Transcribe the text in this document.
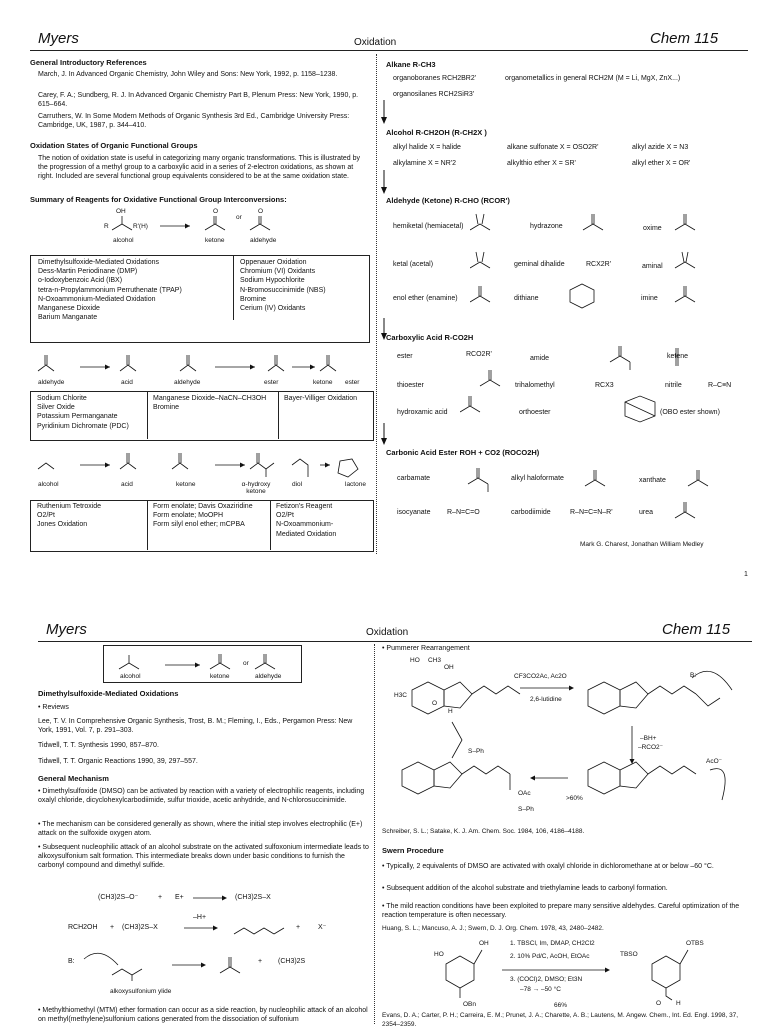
Myers	Oxidation	Chem 115
General Introductory References
March, J. In Advanced Organic Chemistry, John Wiley and Sons: New York, 1992, p. 1158–1238.
Carey, F. A.; Sundberg, R. J. In Advanced Organic Chemistry Part B, Plenum Press: New York, 1990, p. 615–664.
Carruthers, W. In Some Modern Methods of Organic Synthesis 3rd Ed., Cambridge University Press: Cambridge, UK, 1987, p. 344–410.
Oxidation States of Organic Functional Groups
The notion of oxidation state is useful in categorizing many organic transformations. This is illustrated by the progression of a methyl group to a carboxylic acid in a series of 2-electron oxidations, as shown at right. Included are several functional group equivalents considered to be at the same oxidation state.
Summary of Reagents for Oxidative Functional Group Interconversions:
OH
R	R'(H)
O	O
or
alcohol	ketone	aldehyde
Dimethylsulfoxide-Mediated Oxidations
Dess-Martin Periodinane (DMP)
o-Iodoxybenzoic Acid (IBX)
tetra-n-Propylammonium Perruthenate (TPAP)
N-Oxoammonium-Mediated Oxidation
Manganese Dioxide
Barium Manganate
Oppenauer Oxidation
Chromium (VI) Oxidants
Sodium Hypochlorite
N-Bromosuccinimide (NBS)
Bromine
Cerium (IV) Oxidants
aldehyde	acid	aldehyde	ester	ketone ester
Sodium Chlorite
Silver Oxide
Potassium Permanganate
Pyridinium Dichromate (PDC)
Manganese Dioxide–NaCN–CH3OH
Bromine
Bayer-Villiger Oxidation
alcohol	acid	ketone	α-hydroxy ketone
diol	lactone
Ruthenium Tetroxide
O2/Pt
Jones Oxidation
Form enolate; Davis Oxaziridine
Form enolate; MoOPH
Form silyl enol ether; mCPBA
Fetizon's Reagent
O2/Pt
N-Oxoammonium-
Mediated Oxidation
Alkane R-CH3
organoboranes RCH2BR2'	organometallics in general RCH2M (M = Li, MgX, ZnX...)
organosilanes RCH2SiR3'
Alcohol R-CH2OH (R-CH2X )
alkyl halide X = halide	alkane sulfonate X = OSO2R'	alkyl azide X = N3
alkylamine X = NR'2	alkylthio ether X = SR'	alkyl ether X = OR'
Aldehyde (Ketone) R-CHO (RCOR')
hemiketal (hemiacetal)	hydrazone	oxime
ketal (acetal)	geminal dihalide	RCX2R'	aminal
enol ether (enamine)	dithiane	imine
Carboxylic Acid R-CO2H
ester	RCO2R'
amide	ketene
thioester	trihalomethyl	RCX3	nitrile	R–C≡N
hydroxamic acid	orthoester	(OBO ester shown)
Carbonic Acid Ester ROH + CO2 (ROCO2H)
carbamate	alkyl haloformate	xanthate
isocyanate R–N=C=O	carbodiimide	R–N=C=N–R'	urea
Mark G. Charest, Jonathan William Medley
1
Myers	Oxidation	Chem 115
alcohol	ketone
or
aldehyde
Dimethylsulfoxide-Mediated Oxidations
• Reviews
Lee, T. V. In Comprehensive Organic Synthesis, Trost, B. M.; Fleming, I., Eds., Pergamon Press: New York, 1991, Vol. 7, p. 291–303.
Tidwell, T. T. Synthesis 1990, 857–870.
Tidwell, T. T. Organic Reactions 1990, 39, 297–557.
General Mechanism
• Dimethylsulfoxide (DMSO) can be activated by reaction with a variety of electrophilic reagents, including oxalyl chloride, dicyclohexylcarbodiimide, sulfur trioxide, acetic anhydride, and N-chlorosuccinimide.
• The mechanism can be considered generally as shown, where the initial step involves electrophilic (E+) attack on the sulfoxide oxygen atom.
• Subsequent nucleophilic attack of an alcohol substrate on the activated sulfoxonium intermediate leads to alkoxysulfonium salt formation. This intermediate breaks down under basic conditions to furnish the carbonyl compound and dimethyl sulfide.
(CH3)2S–O⁻	+ E+	(CH3)2S–X
RCH2OH + (CH3)2S–X
–H+
+	X⁻
B:	+ (CH3)2S
alkoxysulfonium ylide
• Methylthiomethyl (MTM) ether formation can occur as a side reaction, by nucleophilic attack of an alcohol on methyl(methylene)sulfonium cations generated from the dissociation of sulfonium
• Pummerer Rearrangement
CF3CO2Ac, Ac2O
2,6-lutidine
–BH+
–RCO2⁻
>60%
HO CH3
OH
H3C
O
H
S–Ph
B:
AcO⁻
OAc
S–Ph
Schreiber, S. L.; Satake, K. J. Am. Chem. Soc. 1984, 106, 4186–4188.
Swern Procedure
• Typically, 2 equivalents of DMSO are activated with oxalyl chloride in dichloromethane at or below –60 °C.
• Subsequent addition of the alcohol substrate and triethylamine leads to carbonyl formation.
• The mild reaction conditions have been exploited to prepare many sensitive aldehydes. Careful optimization of the reaction temperature is often necessary.
Huang, S. L.; Mancuso, A. J.; Swern, D. J. Org. Chem. 1978, 43, 2480–2482.
HO
OH
OBn
TBSO
OTBS
O H
1. TBSCl, Im, DMAP, CH2Cl2
2. 10% Pd/C, AcOH, EtOAc
3. (COCl)2, DMSO; Et3N
–78 → –50 °C
66%
Evans, D. A.; Carter, P. H.; Carreira, E. M.; Prunet, J. A.; Charette, A. B.; Lautens, M. Angew. Chem., Int. Ed. Engl. 1998, 37, 2354–2359.
